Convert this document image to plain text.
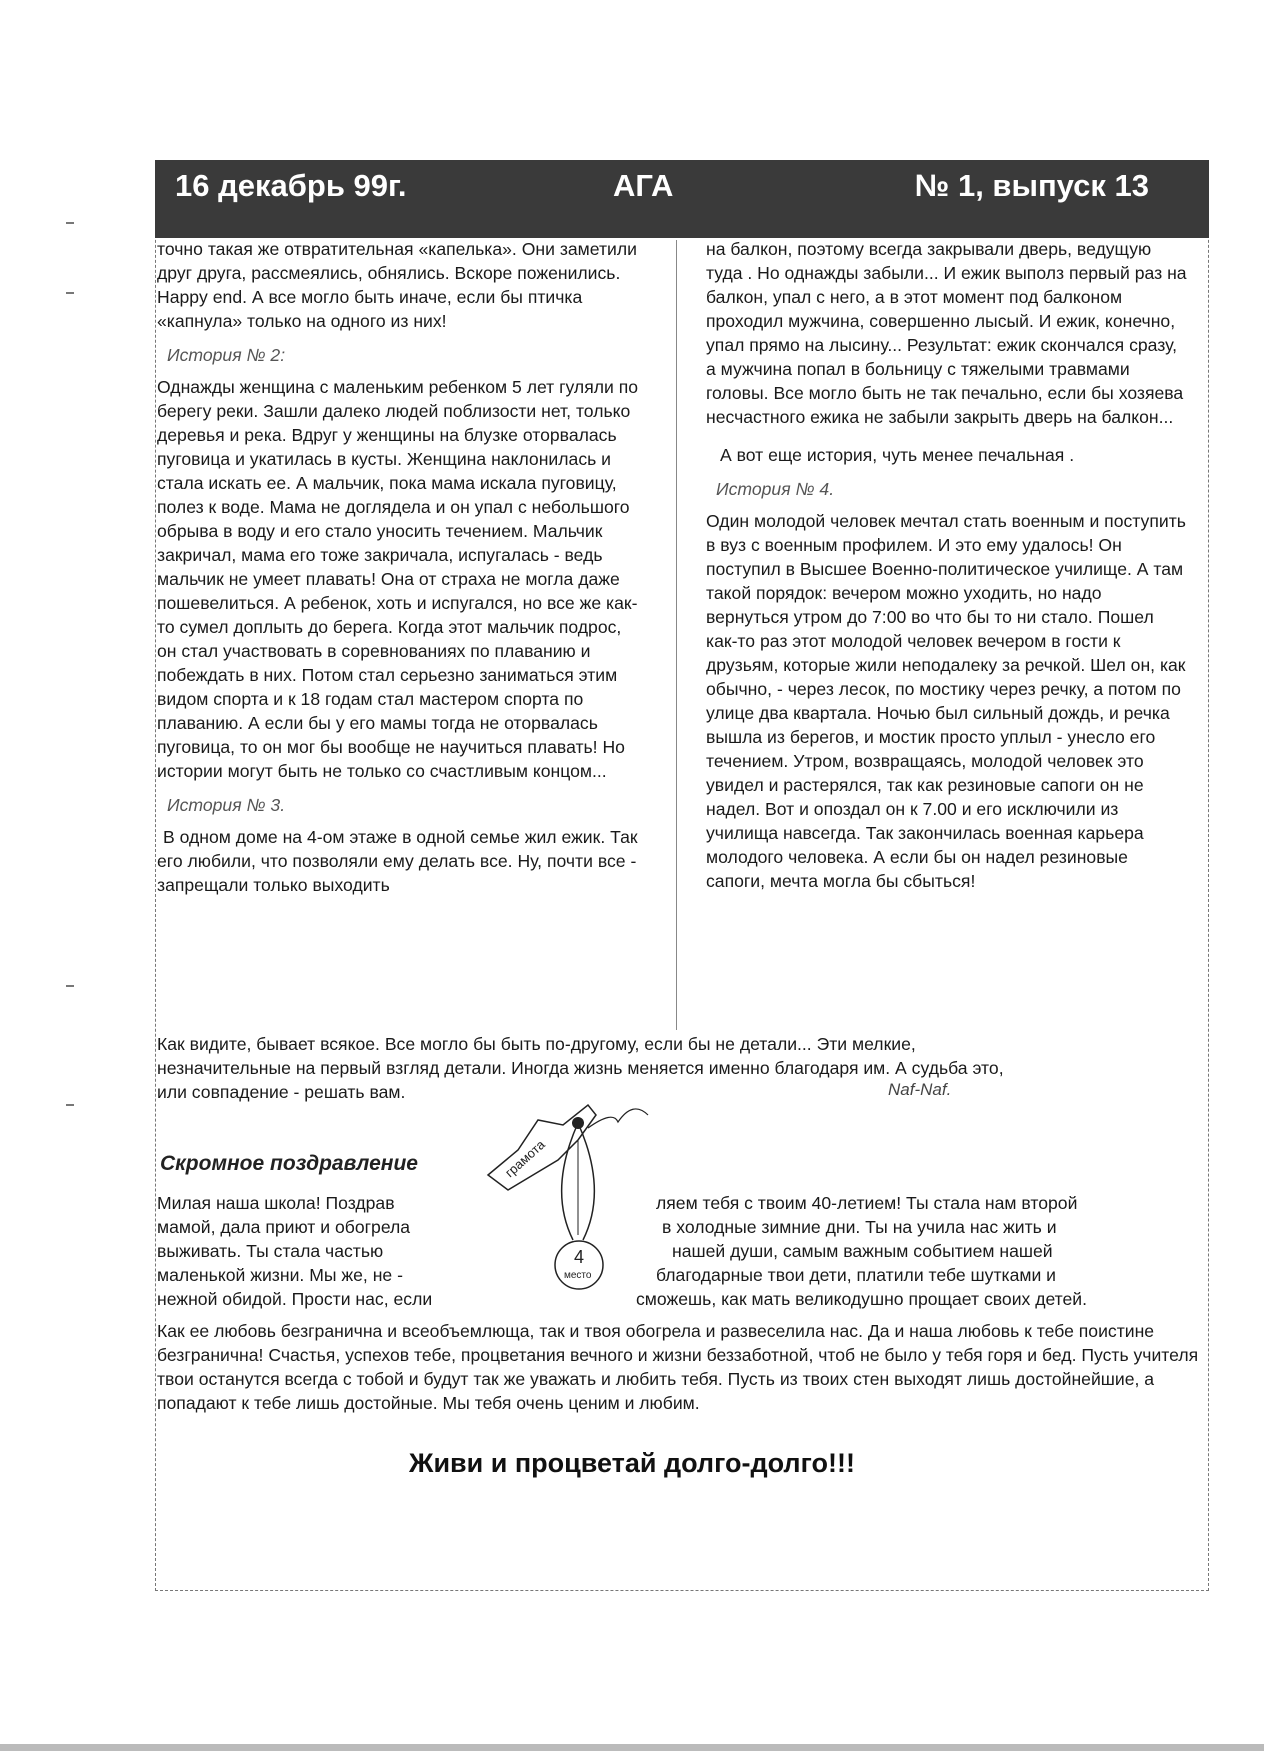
16 декабрь 99г.	АГА	№ 1, выпуск 13

точно такая же отвратительная «капелька». Они заметили друг друга, рассмеялись, обнялись. Вскоре поженились. Happy end. А все могло быть иначе, если бы птичка «капнула» только на одного из них!

История № 2:

Однажды женщина с маленьким ребенком 5 лет гуляли по берегу реки. Зашли далеко людей поблизости нет, только деревья и река. Вдруг у женщины на блузке оторвалась пуговица и укатилась в кусты. Женщина наклонилась и стала искать ее. А мальчик, пока мама искала пуговицу, полез к воде. Мама не доглядела и он упал с небольшого обрыва в воду и его стало уносить течением. Мальчик закричал, мама его тоже закричала, испугалась - ведь мальчик не умеет плавать! Она от страха не могла даже пошевелиться. А ребенок, хоть и испугался, но все же как-то сумел доплыть до берега. Когда этот мальчик подрос, он стал участвовать в соревнованиях по плаванию и побеждать в них. Потом стал серьезно заниматься этим видом спорта и к 18 годам стал мастером спорта по плаванию. А если бы у его мамы тогда не оторвалась пуговица, то он мог бы вообще не научиться плавать! Но истории могут быть не только со счастливым концом...

История № 3.

В одном доме на 4-ом этаже в одной семье жил ежик. Так его любили, что позволяли ему делать все. Ну, почти все - запрещали только выходить

на балкон, поэтому всегда закрывали дверь, ведущую туда . Но однажды забыли... И ежик выполз первый раз на балкон, упал с него, а в этот момент под балконом проходил мужчина, совершенно лысый. И ежик, конечно, упал прямо на лысину... Результат: ежик скончался сразу, а мужчина попал в больницу с тяжелыми травмами головы. Все могло быть не так печально, если бы хозяева несчастного ежика не забыли закрыть дверь на балкон...

А вот еще история, чуть менее печальная .

История № 4.

Один молодой человек мечтал стать военным и поступить в вуз с военным профилем. И это ему удалось! Он поступил в Высшее Военно-политическое училище. А там такой порядок: вечером можно уходить, но надо вернуться утром до 7:00 во что бы то ни стало. Пошел как-то раз этот молодой человек вечером в гости к друзьям, которые жили неподалеку за речкой. Шел он, как обычно, - через лесок, по мостику через речку, а потом по улице два квартала. Ночью был сильный дождь, и речка вышла из берегов, и мостик просто уплыл - унесло его течением. Утром, возвращаясь, молодой человек это увидел и растерялся, так как резиновые сапоги он не надел. Вот и опоздал он к 7.00 и его исключили из училища навсегда. Так закончилась военная карьера молодого человека. А если бы он надел резиновые сапоги, мечта могла бы сбыться!

Как видите, бывает всякое. Все могло бы быть по-другому, если бы не детали... Эти мелкие,

незначительные на первый взгляд детали. Иногда жизнь меняется именно благодаря им. А судьба это,

или совпадение - решать вам.	Naf-Naf.
Скромное поздравление
Милая наша школа! Поздрав	ляем тебя с твоим 40-летием! Ты стала нам второй
мамой, дала приют и обогрела	в холодные зимние дни. Ты на учила нас жить и
выживать. Ты стала частью	нашей души, самым важным событием нашей
маленькой жизни. Мы же, не -	благодарные твои дети, платили тебе шутками и
нежной обидой. Прости нас, если	сможешь, как мать великодушно прощает своих детей.

Как ее любовь безгранична и всеобъемлюща, так и твоя обогрела и развеселила нас. Да и наша любовь к тебе поистине безгранична! Счастья, успехов тебе, процветания вечного и жизни беззаботной, чтоб не было у тебя горя и бед. Пусть учителя твои останутся всегда с тобой и будут так же уважать и любить тебя. Пусть из твоих стен выходят лишь достойнейшие, а попадают к тебе лишь достойные. Мы тебя очень ценим и любим.

Живи и процветай долго-долго!!!
грамота
4
место
